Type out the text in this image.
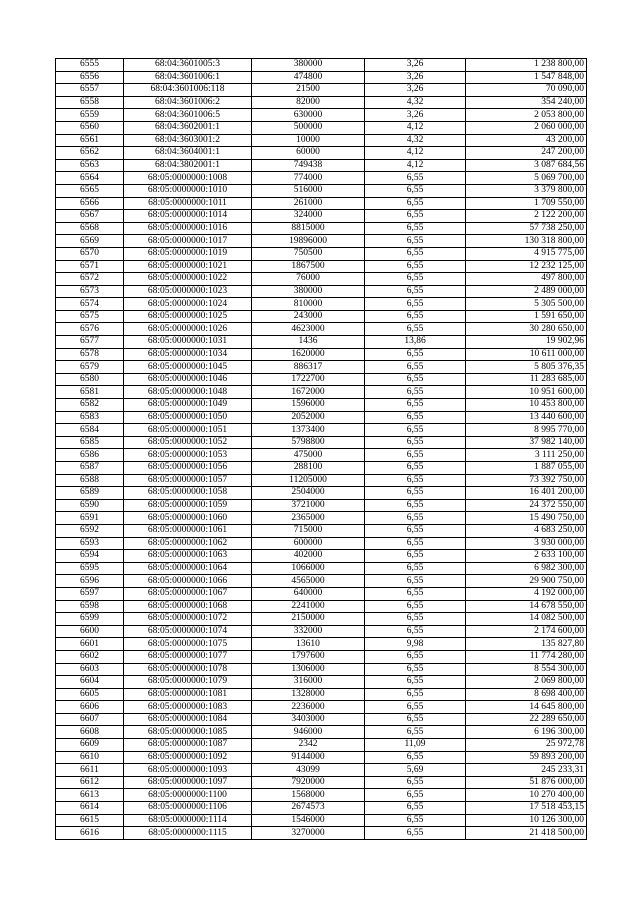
6555	68:04:3601005:3	380000	3,26	1 238 800,00
6556	68:04:3601006:1	474800	3,26	1 547 848,00
6557	68:04:3601006:118	21500	3,26	70 090,00
6558	68:04:3601006:2	82000	4,32	354 240,00
6559	68:04:3601006:5	630000	3,26	2 053 800,00
6560	68:04:3602001:1	500000	4,12	2 060 000,00
6561	68:04:3603001:2	10000	4,32	43 200,00
6562	68:04:3604001:1	60000	4,12	247 200,00
6563	68:04:3802001:1	749438	4,12	3 087 684,56
6564	68:05:0000000:1008	774000	6,55	5 069 700,00
6565	68:05:0000000:1010	516000	6,55	3 379 800,00
6566	68:05:0000000:1011	261000	6,55	1 709 550,00
6567	68:05:0000000:1014	324000	6,55	2 122 200,00
6568	68:05:0000000:1016	8815000	6,55	57 738 250,00
6569	68:05:0000000:1017	19896000	6,55	130 318 800,00
6570	68:05:0000000:1019	750500	6,55	4 915 775,00
6571	68:05:0000000:1021	1867500	6,55	12 232 125,00
6572	68:05:0000000:1022	76000	6,55	497 800,00
6573	68:05:0000000:1023	380000	6,55	2 489 000,00
6574	68:05:0000000:1024	810000	6,55	5 305 500,00
6575	68:05:0000000:1025	243000	6,55	1 591 650,00
6576	68:05:0000000:1026	4623000	6,55	30 280 650,00
6577	68:05:0000000:1031	1436	13,86	19 902,96
6578	68:05:0000000:1034	1620000	6,55	10 611 000,00
6579	68:05:0000000:1045	886317	6,55	5 805 376,35
6580	68:05:0000000:1046	1722700	6,55	11 283 685,00
6581	68:05:0000000:1048	1672000	6,55	10 951 600,00
6582	68:05:0000000:1049	1596000	6,55	10 453 800,00
6583	68:05:0000000:1050	2052000	6,55	13 440 600,00
6584	68:05:0000000:1051	1373400	6,55	8 995 770,00
6585	68:05:0000000:1052	5798800	6,55	37 982 140,00
6586	68:05:0000000:1053	475000	6,55	3 111 250,00
6587	68:05:0000000:1056	288100	6,55	1 887 055,00
6588	68:05:0000000:1057	11205000	6,55	73 392 750,00
6589	68:05:0000000:1058	2504000	6,55	16 401 200,00
6590	68:05:0000000:1059	3721000	6,55	24 372 550,00
6591	68:05:0000000:1060	2365000	6,55	15 490 750,00
6592	68:05:0000000:1061	715000	6,55	4 683 250,00
6593	68:05:0000000:1062	600000	6,55	3 930 000,00
6594	68:05:0000000:1063	402000	6,55	2 633 100,00
6595	68:05:0000000:1064	1066000	6,55	6 982 300,00
6596	68:05:0000000:1066	4565000	6,55	29 900 750,00
6597	68:05:0000000:1067	640000	6,55	4 192 000,00
6598	68:05:0000000:1068	2241000	6,55	14 678 550,00
6599	68:05:0000000:1072	2150000	6,55	14 082 500,00
6600	68:05:0000000:1074	332000	6,55	2 174 600,00
6601	68:05:0000000:1075	13610	9,98	135 827,80
6602	68:05:0000000:1077	1797600	6,55	11 774 280,00
6603	68:05:0000000:1078	1306000	6,55	8 554 300,00
6604	68:05:0000000:1079	316000	6,55	2 069 800,00
6605	68:05:0000000:1081	1328000	6,55	8 698 400,00
6606	68:05:0000000:1083	2236000	6,55	14 645 800,00
6607	68:05:0000000:1084	3403000	6,55	22 289 650,00
6608	68:05:0000000:1085	946000	6,55	6 196 300,00
6609	68:05:0000000:1087	2342	11,09	25 972,78
6610	68:05:0000000:1092	9144000	6,55	59 893 200,00
6611	68:05:0000000:1093	43099	5,69	245 233,31
6612	68:05:0000000:1097	7920000	6,55	51 876 000,00
6613	68:05:0000000:1100	1568000	6,55	10 270 400,00
6614	68:05:0000000:1106	2674573	6,55	17 518 453,15
6615	68:05:0000000:1114	1546000	6,55	10 126 300,00
6616	68:05:0000000:1115	3270000	6,55	21 418 500,00
